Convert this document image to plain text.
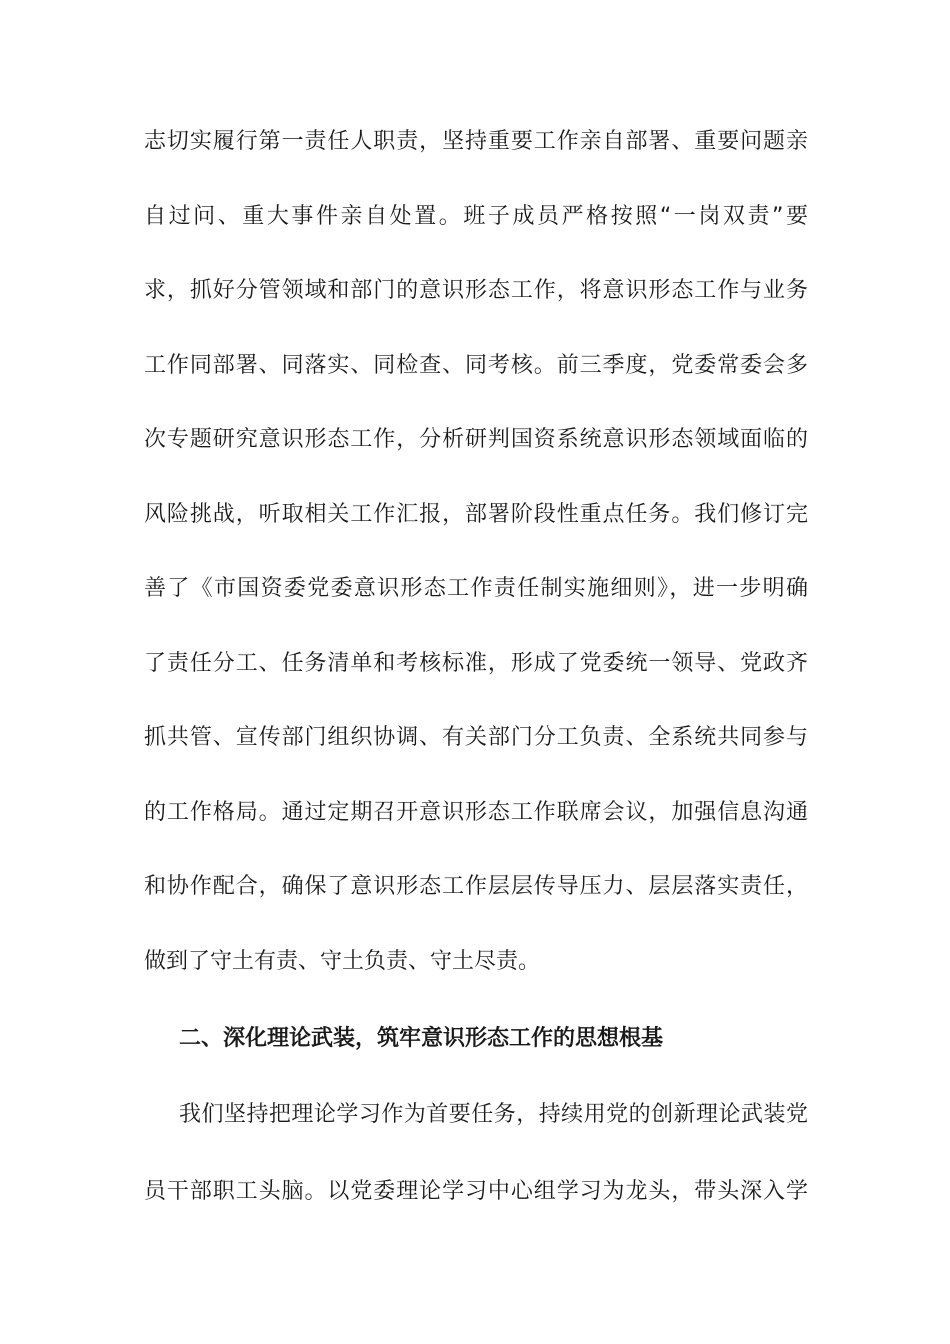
志切实履行第一责任人职责，坚持重要工作亲自部署、重要问题亲
自过问、重大事件亲自处置。班子成员严格按照“一岗双责”要
求，抓好分管领域和部门的意识形态工作，将意识形态工作与业务
工作同部署、同落实、同检查、同考核。前三季度，党委常委会多
次专题研究意识形态工作，分析研判国资系统意识形态领域面临的
风险挑战，听取相关工作汇报，部署阶段性重点任务。我们修订完
善了《市国资委党委意识形态工作责任制实施细则》，进一步明确
了责任分工、任务清单和考核标准，形成了党委统一领导、党政齐
抓共管、宣传部门组织协调、有关部门分工负责、全系统共同参与
的工作格局。通过定期召开意识形态工作联席会议，加强信息沟通
和协作配合，确保了意识形态工作层层传导压力、层层落实责任，
做到了守土有责、守土负责、守土尽责。
二、深化理论武装，筑牢意识形态工作的思想根基
我们坚持把理论学习作为首要任务，持续用党的创新理论武装党
员干部职工头脑。以党委理论学习中心组学习为龙头，带头深入学
